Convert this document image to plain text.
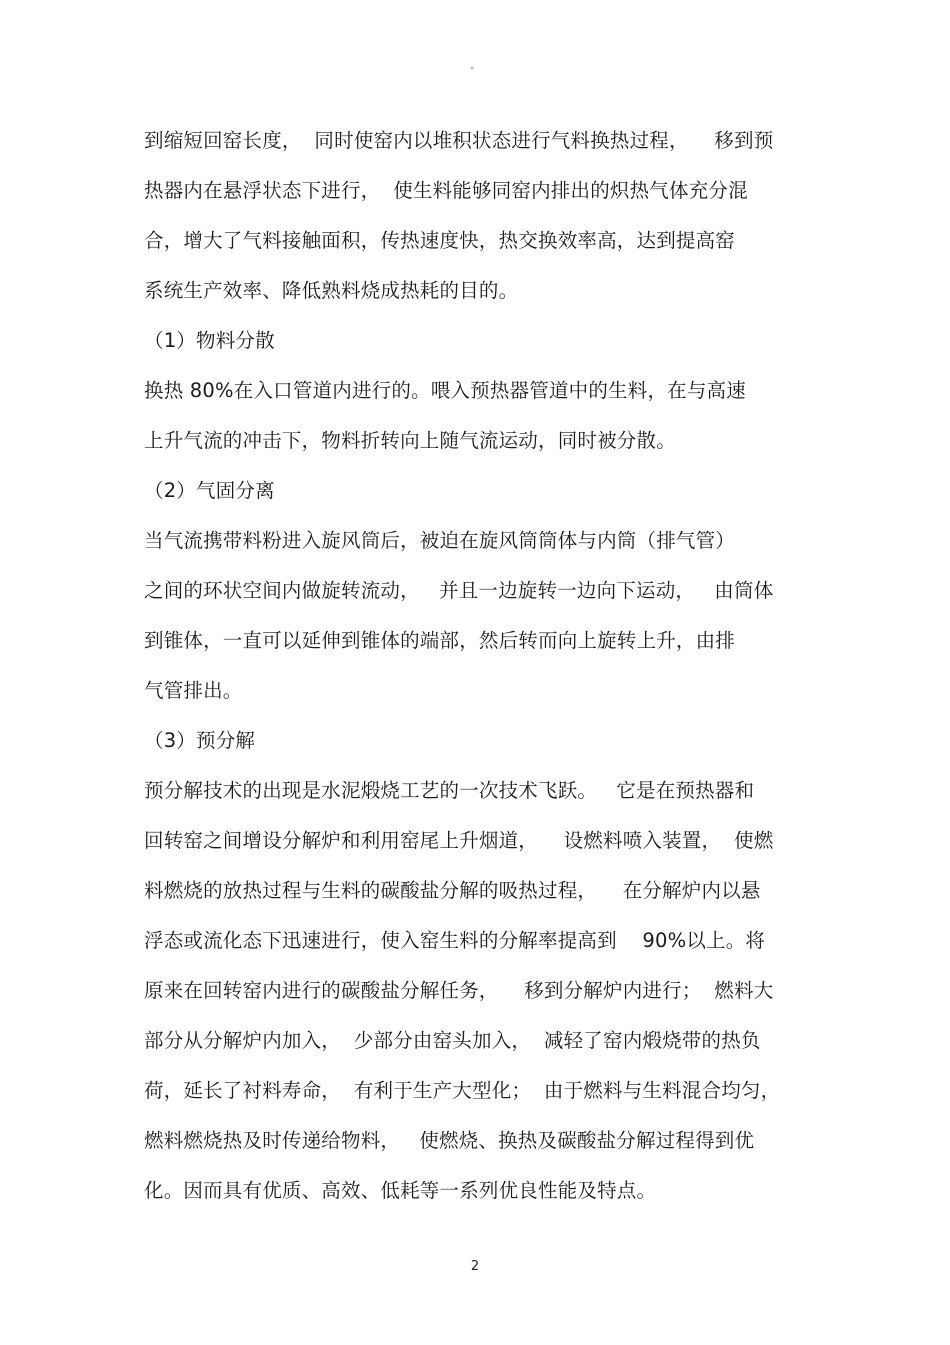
°
到缩短回窑长度，  同时使窑内以堆积状态进行气料换热过程，    移到预
热器内在悬浮状态下进行，  使生料能够同窑内排出的炽热气体充分混
合，增大了气料接触面积，传热速度快，热交换效率高，达到提高窑
系统生产效率、降低熟料烧成热耗的目的。
（1）物料分散
换热 80%在入口管道内进行的。喂入预热器管道中的生料，在与高速
上升气流的冲击下，物料折转向上随气流运动，同时被分散。
（2）气固分离
当气流携带料粉进入旋风筒后，被迫在旋风筒筒体与内筒（排气管）
之间的环状空间内做旋转流动，   并且一边旋转一边向下运动，   由筒体
到锥体，一直可以延伸到锥体的端部，然后转而向上旋转上升，由排
气管排出。
（3）预分解
预分解技术的出现是水泥煅烧工艺的一次技术飞跃。   它是在预热器和
回转窑之间增设分解炉和利用窑尾上升烟道，    设燃料喷入装置，  使燃
料燃烧的放热过程与生料的碳酸盐分解的吸热过程，    在分解炉内以悬
浮态或流化态下迅速进行，使入窑生料的分解率提高到    90%以上。将
原来在回转窑内进行的碳酸盐分解任务，    移到分解炉内进行；  燃料大
部分从分解炉内加入，  少部分由窑头加入，  减轻了窑内煅烧带的热负
荷，延长了衬料寿命，  有利于生产大型化；  由于燃料与生料混合均匀，
燃料燃烧热及时传递给物料，   使燃烧、换热及碳酸盐分解过程得到优
化。因而具有优质、高效、低耗等一系列优良性能及特点。
2
